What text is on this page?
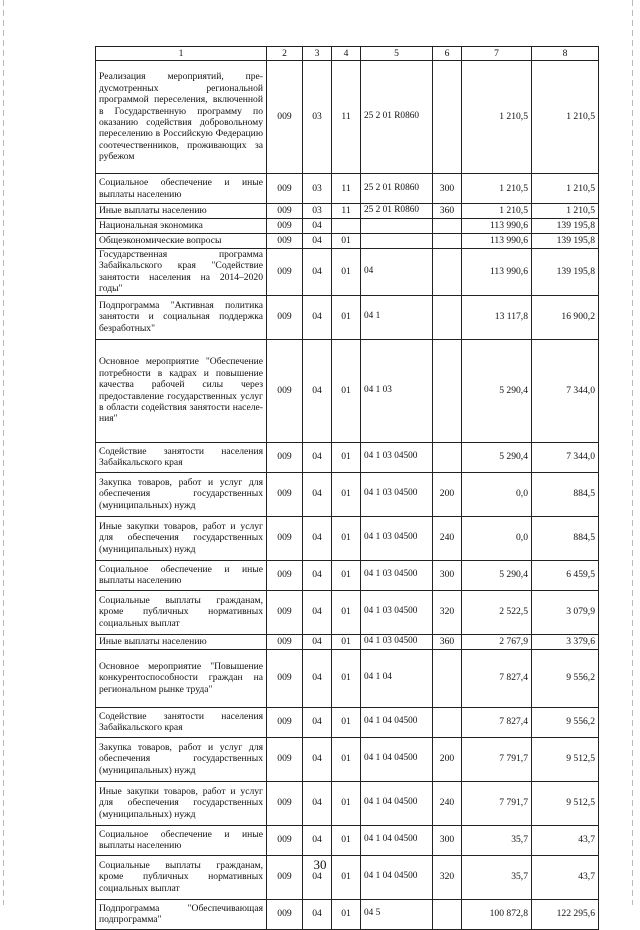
1	2	3	4	5	6	7	8
Реализация мероприятий, предусмотренных региональной программой переселения, включенной в Государственную программу по оказанию содействия добровольному переселению в Российскую Федерацию соотечественников, проживающих за рубежом	009	03	11	25 2 01 R0860		1 210,5	1 210,5
Социальное обеспечение и иные выплаты населению	009	03	11	25 2 01 R0860	300	1 210,5	1 210,5
Иные выплаты населению	009	03	11	25 2 01 R0860	360	1 210,5	1 210,5
Национальная экономика	009	04				113 990,6	139 195,8
Общеэкономические вопросы	009	04	01			113 990,6	139 195,8
Государственная программа Забайкальского края "Содействие занятости населения на 2014–2020 годы"	009	04	01	04		113 990,6	139 195,8
Подпрограмма "Активная политика занятости и социальная поддержка безработных"	009	04	01	04 1		13 117,8	16 900,2
Основное мероприятие "Обеспечение потребности в кадрах и повышение качества рабочей силы через предоставление государственных услуг в области содействия занятости населения"	009	04	01	04 1 03		5 290,4	7 344,0
Содействие занятости населения Забайкальского края	009	04	01	04 1 03 04500		5 290,4	7 344,0
Закупка товаров, работ и услуг для обеспечения государственных (муниципальных) нужд	009	04	01	04 1 03 04500	200	0,0	884,5
Иные закупки товаров, работ и услуг для обеспечения государственных (муниципальных) нужд	009	04	01	04 1 03 04500	240	0,0	884,5
Социальное обеспечение и иные выплаты населению	009	04	01	04 1 03 04500	300	5 290,4	6 459,5
Социальные выплаты гражданам, кроме публичных нормативных социальных выплат	009	04	01	04 1 03 04500	320	2 522,5	3 079,9
Иные выплаты населению	009	04	01	04 1 03 04500	360	2 767,9	3 379,6
Основное мероприятие "Повышение конкурентоспособности граждан на региональном рынке труда"	009	04	01	04 1 04		7 827,4	9 556,2
Содействие занятости населения Забайкальского края	009	04	01	04 1 04 04500		7 827,4	9 556,2
Закупка товаров, работ и услуг для обеспечения государственных (муниципальных) нужд	009	04	01	04 1 04 04500	200	7 791,7	9 512,5
Иные закупки товаров, работ и услуг для обеспечения государственных (муниципальных) нужд	009	04	01	04 1 04 04500	240	7 791,7	9 512,5
Социальное обеспечение и иные выплаты населению	009	04	01	04 1 04 04500	300	35,7	43,7
Социальные выплаты гражданам, кроме публичных нормативных социальных выплат	009	04	01	04 1 04 04500	320	35,7	43,7
Подпрограмма "Обеспечивающая подпрограмма"	009	04	01	04 5		100 872,8	122 295,6
30
